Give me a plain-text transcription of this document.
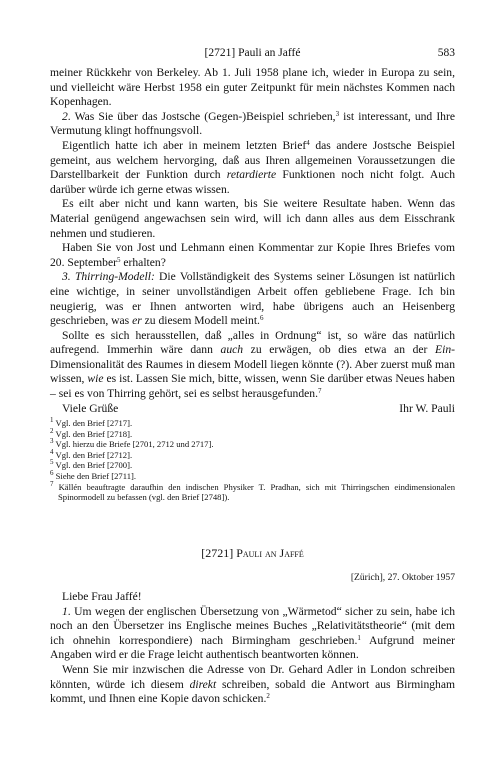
[2721] Pauli an Jaffé	583

meiner Rückkehr von Berkeley. Ab 1. Juli 1958 plane ich, wieder in Europa zu sein, und vielleicht wäre Herbst 1958 ein guter Zeitpunkt für mein nächstes Kommen nach Kopenhagen.

2. Was Sie über das Jostsche (Gegen-)Beispiel schrieben,$^3$ ist interessant, und Ihre Vermutung klingt hoffnungsvoll.

Eigentlich hatte ich aber in meinem letzten Brief$^4$ das andere Jostsche Beispiel gemeint, aus welchem hervorging, daß aus Ihren allgemeinen Voraussetzungen die Darstellbarkeit der Funktion durch retardierte Funktionen noch nicht folgt. Auch darüber würde ich gerne etwas wissen.

Es eilt aber nicht und kann warten, bis Sie weitere Resultate haben. Wenn das Material genügend angewachsen sein wird, will ich dann alles aus dem Eisschrank nehmen und studieren.

Haben Sie von Jost und Lehmann einen Kommentar zur Kopie Ihres Briefes vom 20. September$^5$ erhalten?

3. Thirring-Modell: Die Vollständigkeit des Systems seiner Lösungen ist natürlich eine wichtige, in seiner unvollständigen Arbeit offen gebliebene Frage. Ich bin neugierig, was er Ihnen antworten wird, habe übrigens auch an Heisenberg geschrieben, was er zu diesem Modell meint.$^6$

Sollte es sich herausstellen, daß „alles in Ordnung“ ist, so wäre das natürlich aufregend. Immerhin wäre dann auch zu erwägen, ob dies etwa an der Ein-Dimensionalität des Raumes in diesem Modell liegen könnte (?). Aber zuerst muß man wissen, wie es ist. Lassen Sie mich, bitte, wissen, wenn Sie darüber etwas Neues haben – sei es von Thirring gehört, sei es selbst herausgefunden.$^7$

Viele Grüße	Ihr W. Pauli

$^1$ Vgl. den Brief [2717].

$^2$ Vgl. den Brief [2718].

$^3$ Vgl. hierzu die Briefe [2701, 2712 und 2717].

$^4$ Vgl. den Brief [2712].

$^5$ Vgl. den Brief [2700].

$^6$ Siehe den Brief [2711].

$^7$ Källén beauftragte daraufhin den indischen Physiker T. Pradhan, sich mit Thirringschen eindimensionalen Spinormodell zu befassen (vgl. den Brief [2748]).

[2721] Pauli an Jaffé
[Zürich], 27. Oktober 1957

Liebe Frau Jaffé!

1. Um wegen der englischen Übersetzung von „Wärmetod“ sicher zu sein, habe ich noch an den Übersetzer ins Englische meines Buches „Relativitätstheorie“ (mit dem ich ohnehin korrespondiere) nach Birmingham geschrieben.$^1$ Aufgrund meiner Angaben wird er die Frage leicht authentisch beantworten können.

Wenn Sie mir inzwischen die Adresse von Dr. Gehard Adler in London schreiben könnten, würde ich diesem direkt schreiben, sobald die Antwort aus Birmingham kommt, und Ihnen eine Kopie davon schicken.$^2$
